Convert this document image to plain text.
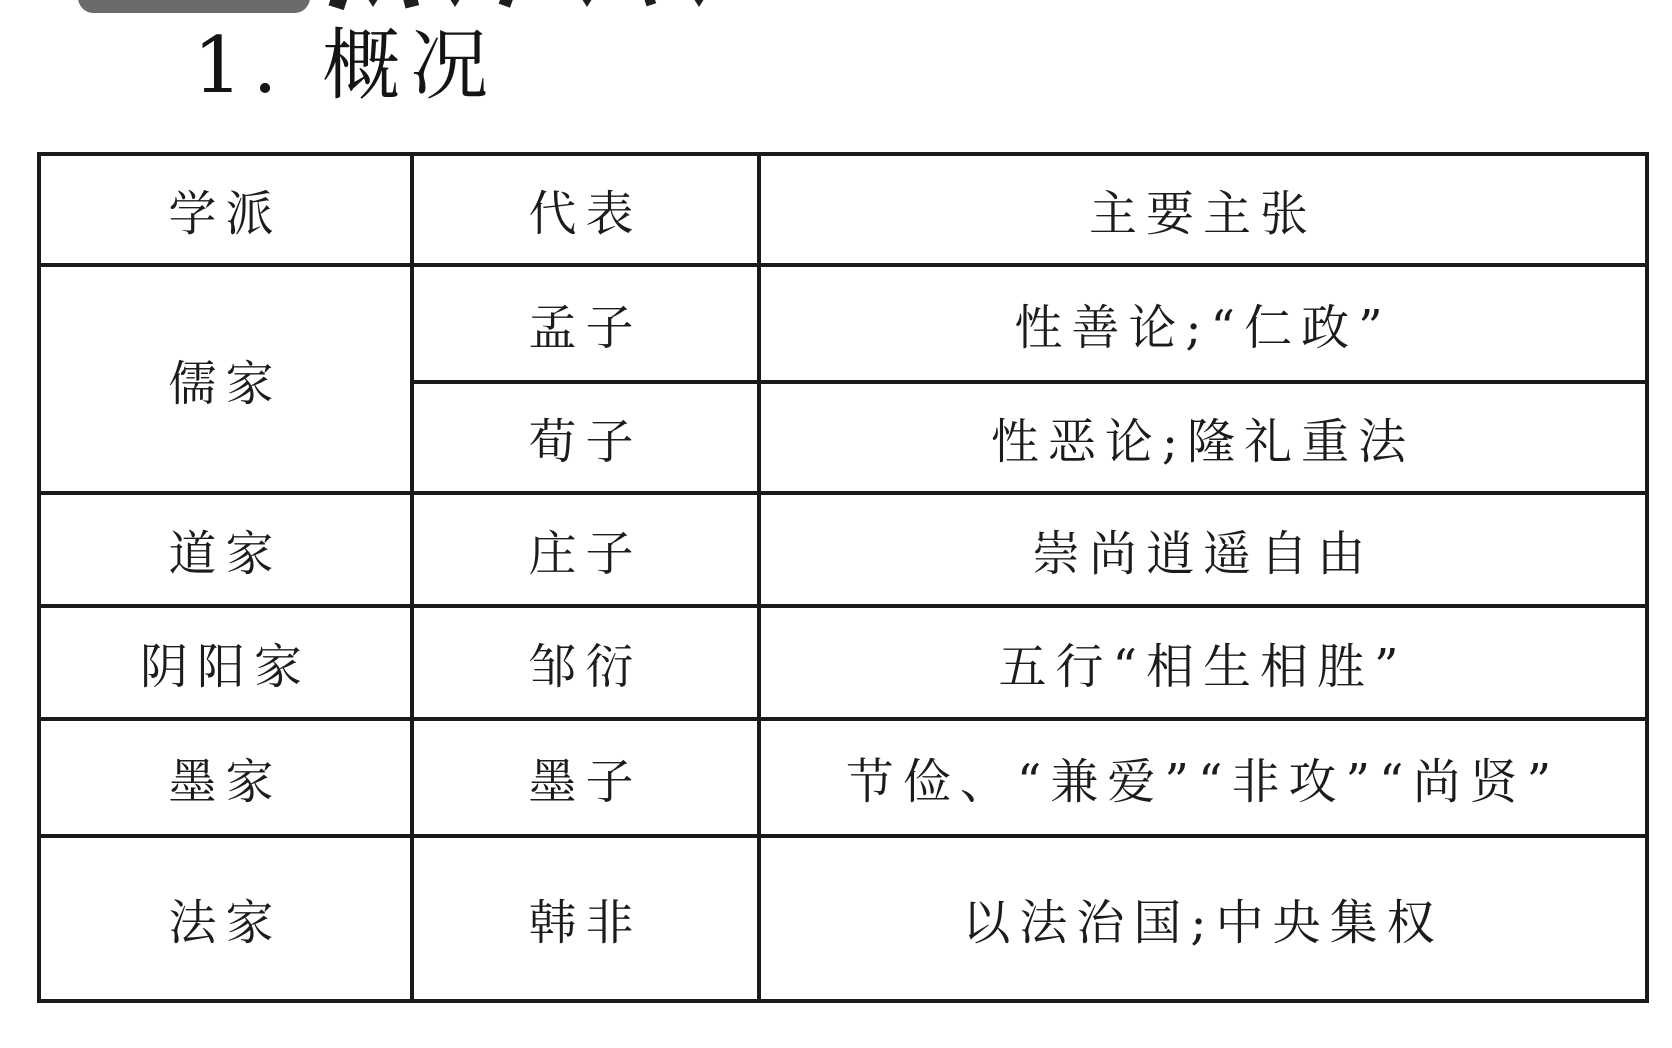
1. 概况
学派	代表	主要主张
儒家	孟子	性善论;“仁政”
	荀子	性恶论;隆礼重法
道家	庄子	崇尚逍遥自由
阴阳家	邹衍	五行“相生相胜”
墨家	墨子	节俭、“兼爱”“非攻”“尚贤”
法家	韩非	以法治国;中央集权
